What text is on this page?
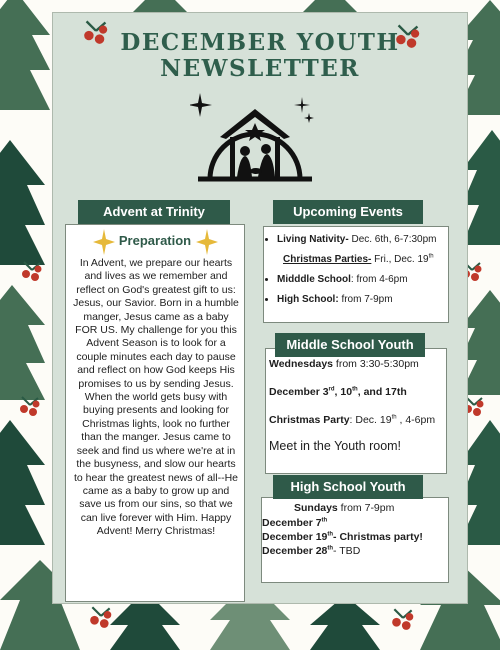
DECEMBER YOUTH
NEWSLETTER
Advent at Trinity
Preparation
In Advent, we prepare our hearts and lives as we remember and reflect on God's greatest gift to us: Jesus, our Savior. Born in a humble manger, Jesus came as a baby FOR US. My challenge for you this Advent Season is to look for a couple minutes each day to pause and reflect on how God keeps His promises to us by sending Jesus. When the world gets busy with buying presents and looking for Christmas lights, look no further than the manger. Jesus came to seek and find us where we're at in the busyness, and slow our hearts to hear the greatest news of all--He came as a baby to grow up and save us from our sins, so that we can live forever with Him. Happy Advent! Merry Christmas!
Upcoming Events
• Living Nativity- Dec. 6th, 6-7:30pm
Christmas Parties- Fri., Dec. 19th
• Midddle School: from 4-6pm
• High School: from 7-9pm
Middle School Youth
Wednesdays from 3:30-5:30pm
December 3rd, 10th, and 17th
Christmas Party: Dec. 19th , 4-6pm
Meet in the Youth room!
High School Youth
Sundays from 7-9pm
December 7th
December 19th- Christmas party!
December 28th- TBD
